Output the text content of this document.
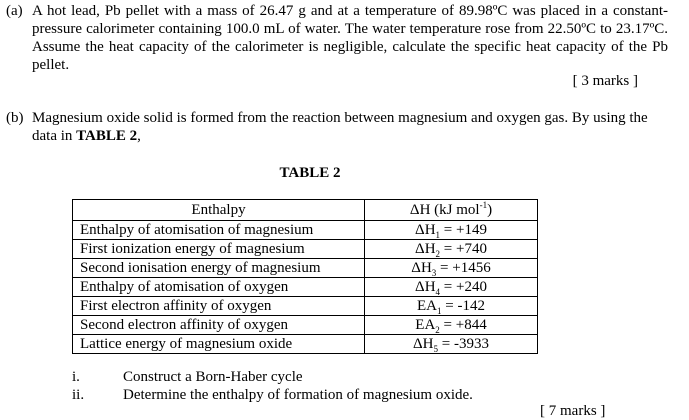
(a) A hot lead, Pb pellet with a mass of 26.47 g and at a temperature of 89.98ºC was placed in a constant-pressure calorimeter containing 100.0 mL of water. The water temperature rose from 22.50ºC to 23.17ºC. Assume the heat capacity of the calorimeter is negligible, calculate the specific heat capacity of the Pb pellet.
[ 3 marks ]
(b) Magnesium oxide solid is formed from the reaction between magnesium and oxygen gas. By using the data in TABLE 2,
TABLE 2
Enthalpy	ΔH (kJ mol$^{-1}$)
Enthalpy of atomisation of magnesium	$\Delta H_1 = +149$
First ionization energy of magnesium	$\Delta H_2 = +740$
Second ionisation energy of magnesium	$\Delta H_3 = +1456$
Enthalpy of atomisation of oxygen	$\Delta H_4 = +240$
First electron affinity of oxygen	$EA_1 = -142$
Second electron affinity of oxygen	$EA_2 = +844$
Lattice energy of magnesium oxide	$\Delta H_5 = -3933$
i.	Construct a Born-Haber cycle
ii.	Determine the enthalpy of formation of magnesium oxide.
[ 7 marks ]
